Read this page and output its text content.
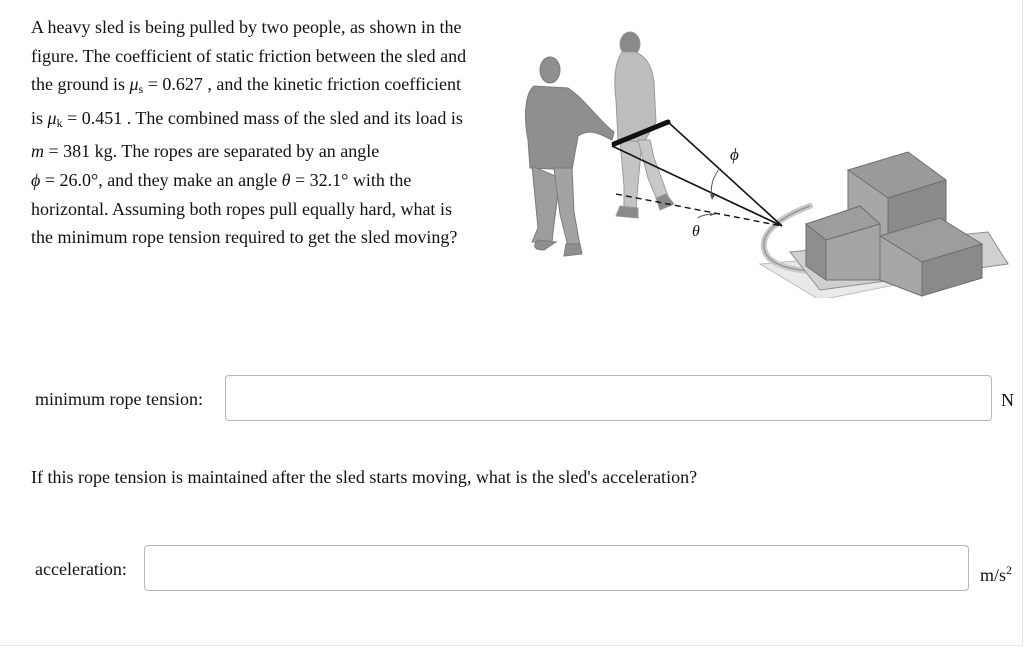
A heavy sled is being pulled by two people, as shown in the
figure. The coefficient of static friction between the sled and
the ground is $\mu_s = 0.627$ , and the kinetic friction coefficient
is $\mu_k = 0.451$ . The combined mass of the sled and its load is
m = 381 kg. The ropes are separated by an angle
ϕ = 26.0°, and they make an angle θ = 32.1° with the
horizontal. Assuming both ropes pull equally hard, what is
the minimum rope tension required to get the sled moving?
ϕ
θ
minimum rope tension:	N
If this rope tension is maintained after the sled starts moving, what is the sled's acceleration?
acceleration:	$m/s^2$
